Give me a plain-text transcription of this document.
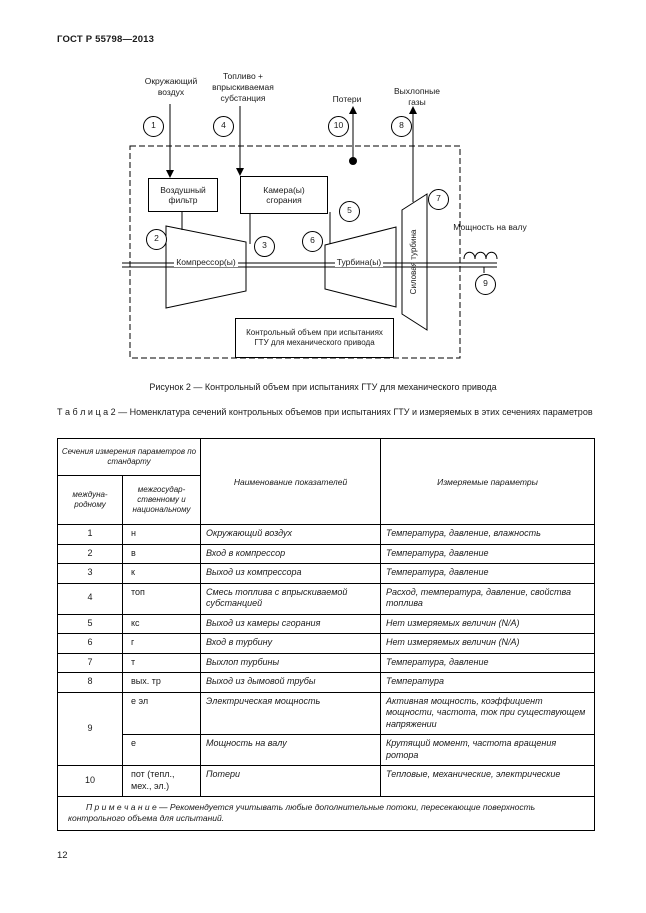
ГОСТ Р 55798—2013
Окружающий воздух
Топливо + впрыскиваемая субстанция	Потери
Выхлопные газы
Мощность на валу
Воздушный фильтр
Камера(ы) сгорания
Контрольный объем при испытаниях ГТУ для механического привода
Компрессор(ы)	Турбина(ы)	Силовая турбина
1	4	10	8
2
3
5
6
7
9
Рисунок 2 — Контрольный объем при испытаниях ГТУ для механического привода
Т а б л и ц а 2 — Номенклатура сечений контрольных объемов при испытаниях ГТУ и измеряемых в этих сечениях параметров
Сечения измерения параметров по стандарту		Наименование показателей	Измеряемые параметры
междуна-родному	межгосудар-ственному и национальному		
1	н	Окружающий воздух	Температура, давление, влажность
2	в	Вход в компрессор	Температура, давление
3	к	Выход из компрессора	Температура, давление
4	топ	Смесь топлива с впрыскиваемой субстанцией	Расход, температура, давление, свойства топлива
5	кс	Выход из камеры сгорания	Нет измеряемых величин (N/A)
6	г	Вход в турбину	Нет измеряемых величин (N/A)
7	т	Выхлоп турбины	Температура, давление
8	вых. тр	Выход из дымовой трубы	Температура
9	е эл	Электрическая мощность	Активная мощность, коэффициент мощности, частота, ток при существующем напряжении
	е	Мощность на валу	Крутящий момент, частота вращения ротора
10	пот (тепл., мех., эл.)	Потери	Тепловые, механические, электрические
П р и м е ч а н и е — Рекомендуется учитывать любые дополнительные потоки, пересекающие поверхность контрольного объема для испытаний.			
12
